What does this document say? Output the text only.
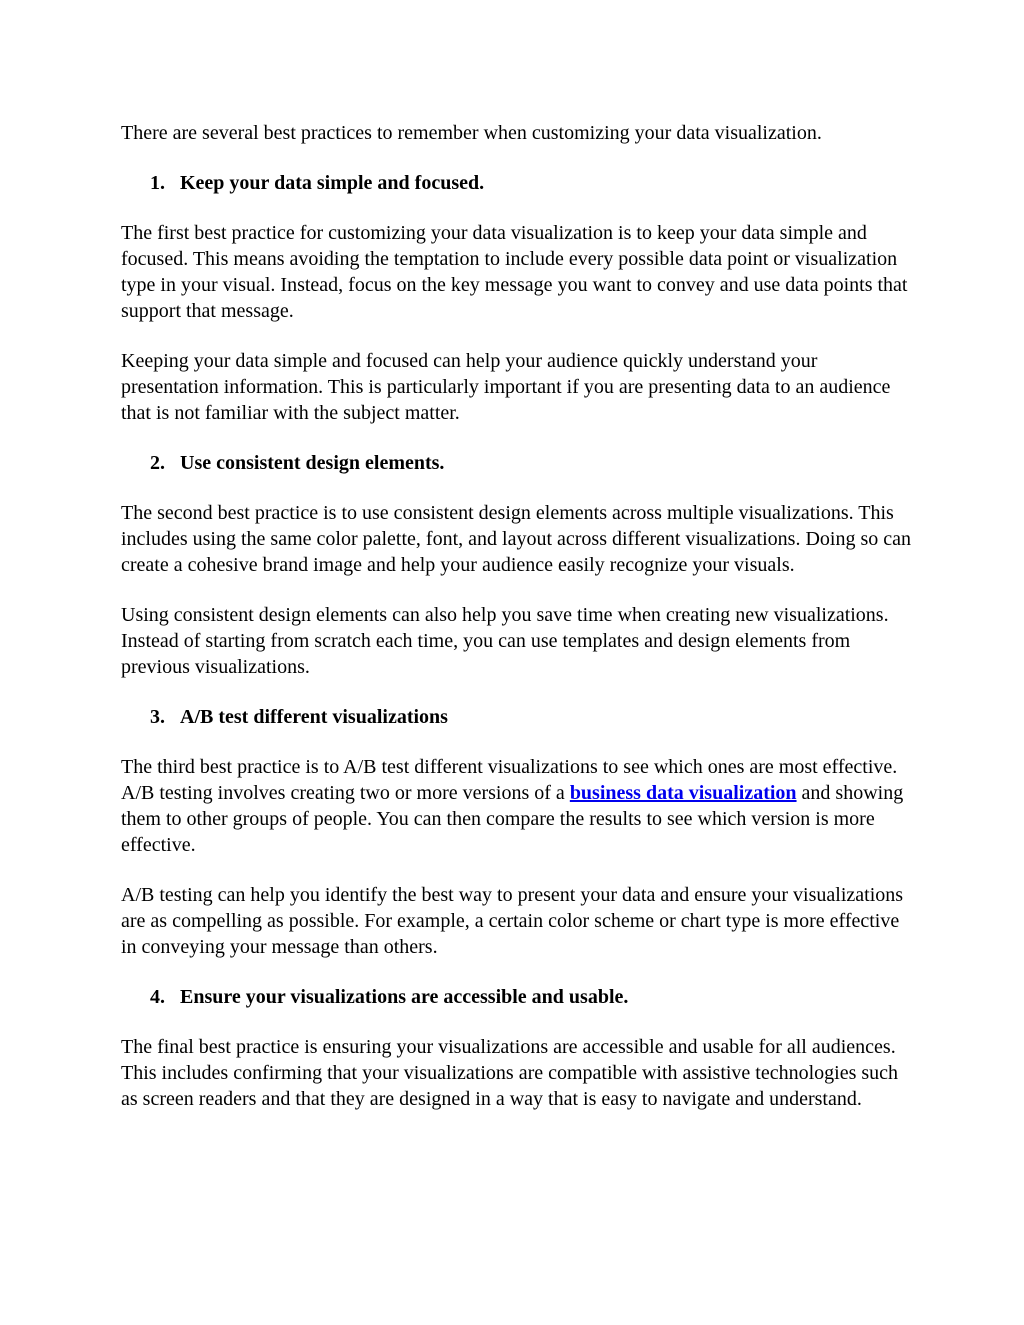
There are several best practices to remember when customizing your data visualization.

1. Keep your data simple and focused.

The first best practice for customizing your data visualization is to keep your data simple and focused. This means avoiding the temptation to include every possible data point or visualization type in your visual. Instead, focus on the key message you want to convey and use data points that support that message.

Keeping your data simple and focused can help your audience quickly understand your presentation information. This is particularly important if you are presenting data to an audience that is not familiar with the subject matter.

2. Use consistent design elements.

The second best practice is to use consistent design elements across multiple visualizations. This includes using the same color palette, font, and layout across different visualizations. Doing so can create a cohesive brand image and help your audience easily recognize your visuals.

Using consistent design elements can also help you save time when creating new visualizations. Instead of starting from scratch each time, you can use templates and design elements from previous visualizations.

3. A/B test different visualizations

The third best practice is to A/B test different visualizations to see which ones are most effective. A/B testing involves creating two or more versions of a business data visualization and showing them to other groups of people. You can then compare the results to see which version is more effective.

A/B testing can help you identify the best way to present your data and ensure your visualizations are as compelling as possible. For example, a certain color scheme or chart type is more effective in conveying your message than others.

4. Ensure your visualizations are accessible and usable.

The final best practice is ensuring your visualizations are accessible and usable for all audiences. This includes confirming that your visualizations are compatible with assistive technologies such as screen readers and that they are designed in a way that is easy to navigate and understand.
